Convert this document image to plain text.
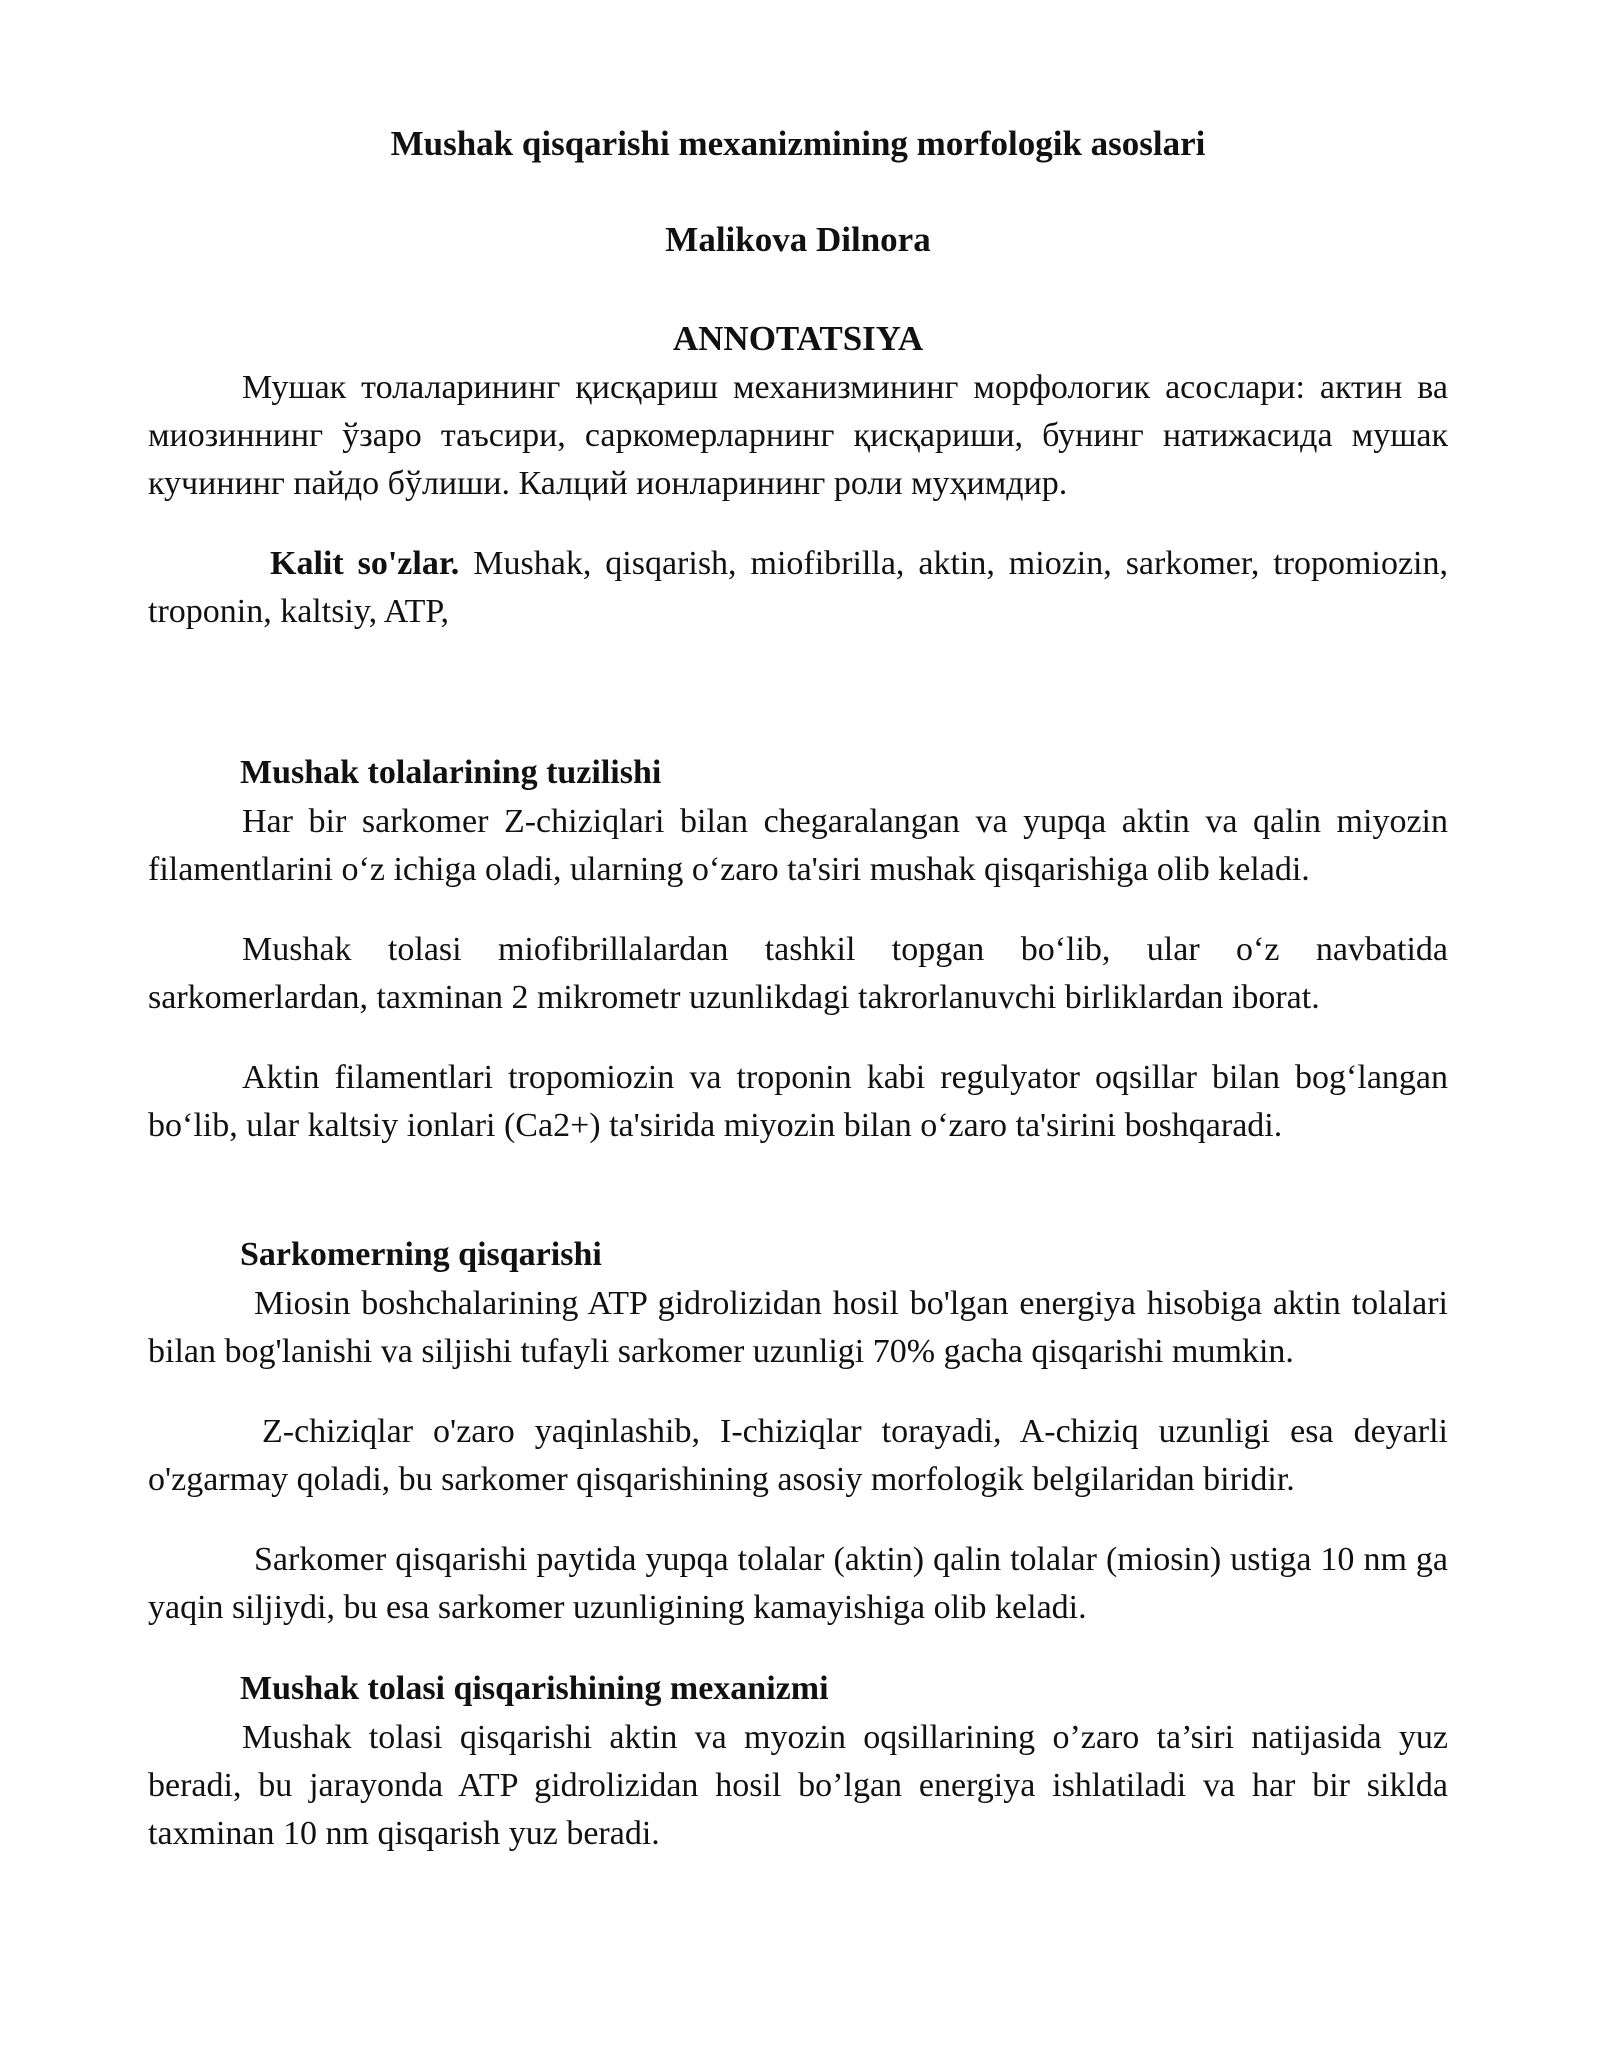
Mushak qisqarishi mexanizmining morfologik asoslari
Malikova Dilnora
ANNOTATSIYA

Мушак толаларининг қисқариш механизмининг морфологик асослари: актин ва миозиннинг ўзаро таъсири, саркомерларнинг қисқариши, бунинг натижасида мушак кучининг пайдо бўлиши. Калций ионларининг роли муҳимдир.

Kalit so'zlar. Mushak, qisqarish, miofibrilla, aktin, miozin, sarkomer, tropomiozin, troponin, kaltsiy, ATP,

Mushak tolalarining tuzilishi

Har bir sarkomer Z-chiziqlari bilan chegaralangan va yupqa aktin va qalin miyozin filamentlarini o‘z ichiga oladi, ularning o‘zaro ta'siri mushak qisqarishiga olib keladi.

Mushak tolasi miofibrillalardan tashkil topgan bo‘lib, ular o‘z navbatida sarkomerlardan, taxminan 2 mikrometr uzunlikdagi takrorlanuvchi birliklardan iborat.

Aktin filamentlari tropomiozin va troponin kabi regulyator oqsillar bilan bog‘langan bo‘lib, ular kaltsiy ionlari (Ca2+) ta'sirida miyozin bilan o‘zaro ta'sirini boshqaradi.

Sarkomerning qisqarishi

Miosin boshchalarining ATP gidrolizidan hosil bo'lgan energiya hisobiga aktin tolalari bilan bog'lanishi va siljishi tufayli sarkomer uzunligi 70% gacha qisqarishi mumkin.

Z-chiziqlar o'zaro yaqinlashib, I-chiziqlar torayadi, A-chiziq uzunligi esa deyarli o'zgarmay qoladi, bu sarkomer qisqarishining asosiy morfologik belgilaridan biridir.

Sarkomer qisqarishi paytida yupqa tolalar (aktin) qalin tolalar (miosin) ustiga 10 nm ga yaqin siljiydi, bu esa sarkomer uzunligining kamayishiga olib keladi.

Mushak tolasi qisqarishining mexanizmi

Mushak tolasi qisqarishi aktin va myozin oqsillarining o’zaro ta’siri natijasida yuz beradi, bu jarayonda ATP gidrolizidan hosil bo’lgan energiya ishlatiladi va har bir siklda taxminan 10 nm qisqarish yuz beradi.
